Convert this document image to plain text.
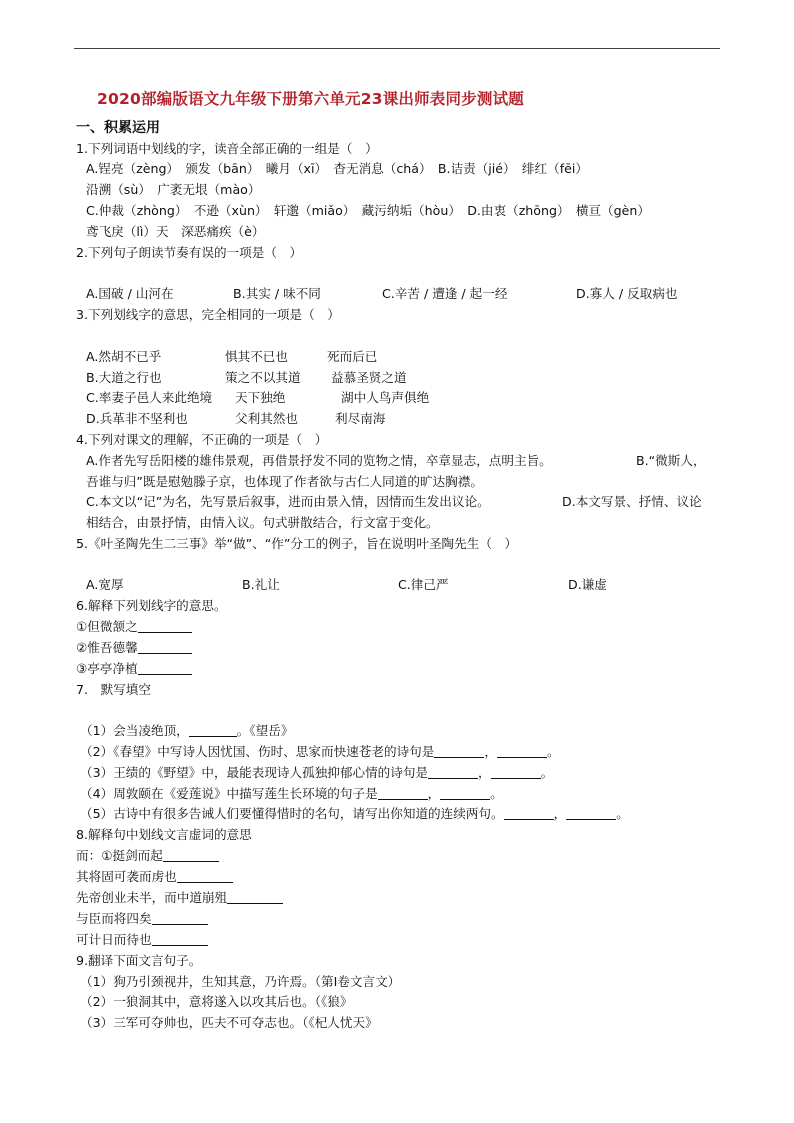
2020部编版语文九年级下册第六单元23课出师表同步测试题
一、积累运用
1.下列词语中划线的字，读音全部正确的一组是（　）
A.锃亮（zèng）　颁发（bān）　曦月（xī）　杳无消息（chá）　B.诘责（jié）　绯红（fēi）
沿溯（sù）　广袤无垠（mào）
C.仲裁（zhòng）　不逊（xùn）　轩邈（miǎo）　藏污纳垢（hòu）　D.由衷（zhōng）　横亘（gèn）
鸢飞戾（lì）天　深恶痛疾（è）
2.下列句子朗读节奏有误的一项是（　）
A.国破 / 山河在	B.其实 / 味不同	C.辛苦 / 遭逢 / 起一经	D.寡人 / 反取病也
3.下列划线字的意思，完全相同的一项是（　）
A.然胡不已乎	惧其不已也	死而后已
B.大道之行也	策之不以其道 益慕圣贤之道
C.率妻子邑人来此绝境 天下独绝	湖中人鸟声俱绝
D.兵革非不坚利也	父利其然也	利尽南海
4.下列对课文的理解，不正确的一项是（　）
A.作者先写岳阳楼的雄伟景观，再借景抒发不同的览物之情，卒章显志，点明主旨。	B.“微斯人，
吾谁与归”既是慰勉滕子京，也体现了作者欲与古仁人同道的旷达胸襟。
C.本文以“记”为名，先写景后叙事，进而由景入情，因情而生发出议论。	D.本文写景、抒情、议论
相结合，由景抒情，由情入议。句式骈散结合，行文富于变化。
5.《叶圣陶先生二三事》举“做”、“作”分工的例子，旨在说明叶圣陶先生（　）
A.宽厚	B.礼让	C.律己严	D.谦虚
6.解释下列划线字的意思。
①但微颔之
②惟吾德馨
③亭亭净植
7.　默写填空
（1）会当凌绝顶，	。《望岳》
（2）《春望》中写诗人因忧国、伤时、思家而快速苍老的诗句是	，	。
（3）王绩的《野望》中，最能表现诗人孤独抑郁心情的诗句是	，	。
（4）周敦颐在《爱莲说》中描写莲生长环境的句子是	，	。
（5）古诗中有很多告诫人们要懂得惜时的名句，请写出你知道的连续两句。	，	。
8.解释句中划线文言虚词的意思
而：①挺剑而起
其将固可袭而虏也
先帝创业未半，而中道崩殂
与臣而将四矣
可计日而待也
9.翻译下面文言句子。
（1）狗乃引颈视井，生知其意，乃许焉。（第Ⅰ卷文言文）
（2）一狼洞其中，意将遂入以攻其后也。（《狼》
（3）三军可夺帅也，匹夫不可夺志也。（《杞人忧天》
